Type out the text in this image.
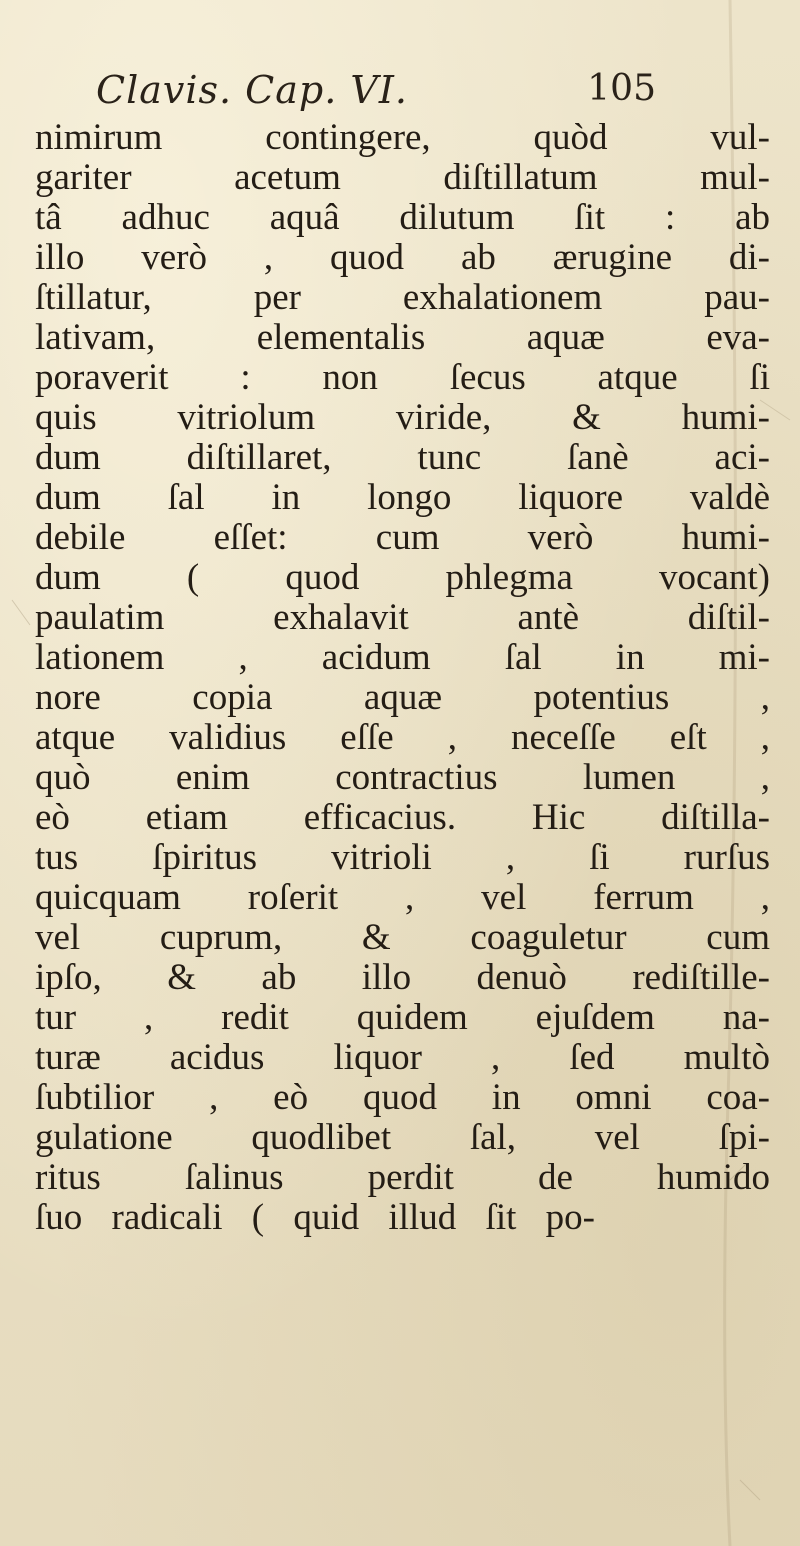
Clavis. Cap. VI.	105
nimirum contingere, quòd vul-
gariter acetum diſtillatum mul-
tâ adhuc aquâ dilutum ſit : ab
illo verò , quod ab ærugine di-
ſtillatur, per exhalationem pau-
lativam, elementalis aquæ eva-
poraverit : non ſecus atque ſi
quis vitriolum viride, & humi-
dum diſtillaret, tunc ſanè aci-
dum ſal in longo liquore valdè
debile eſſet: cum verò humi-
dum ( quod phlegma vocant)
paulatim exhalavit antè diſtil-
lationem , acidum ſal in mi-
nore copia aquæ potentius ,
atque validius eſſe , neceſſe eſt ,
quò enim contractius lumen ,
eò etiam efficacius. Hic diſtilla-
tus ſpiritus vitrioli , ſi rurſus
quicquam roſerit , vel ferrum ,
vel cuprum, & coaguletur cum
ipſo, & ab illo denuò rediſtille-
tur , redit quidem ejuſdem na-
turæ acidus liquor , ſed multò
ſubtilior , eò quod in omni coa-
gulatione quodlibet ſal, vel ſpi-
ritus ſalinus perdit de humido
ſuo radicali ( quid illud ſit po-
